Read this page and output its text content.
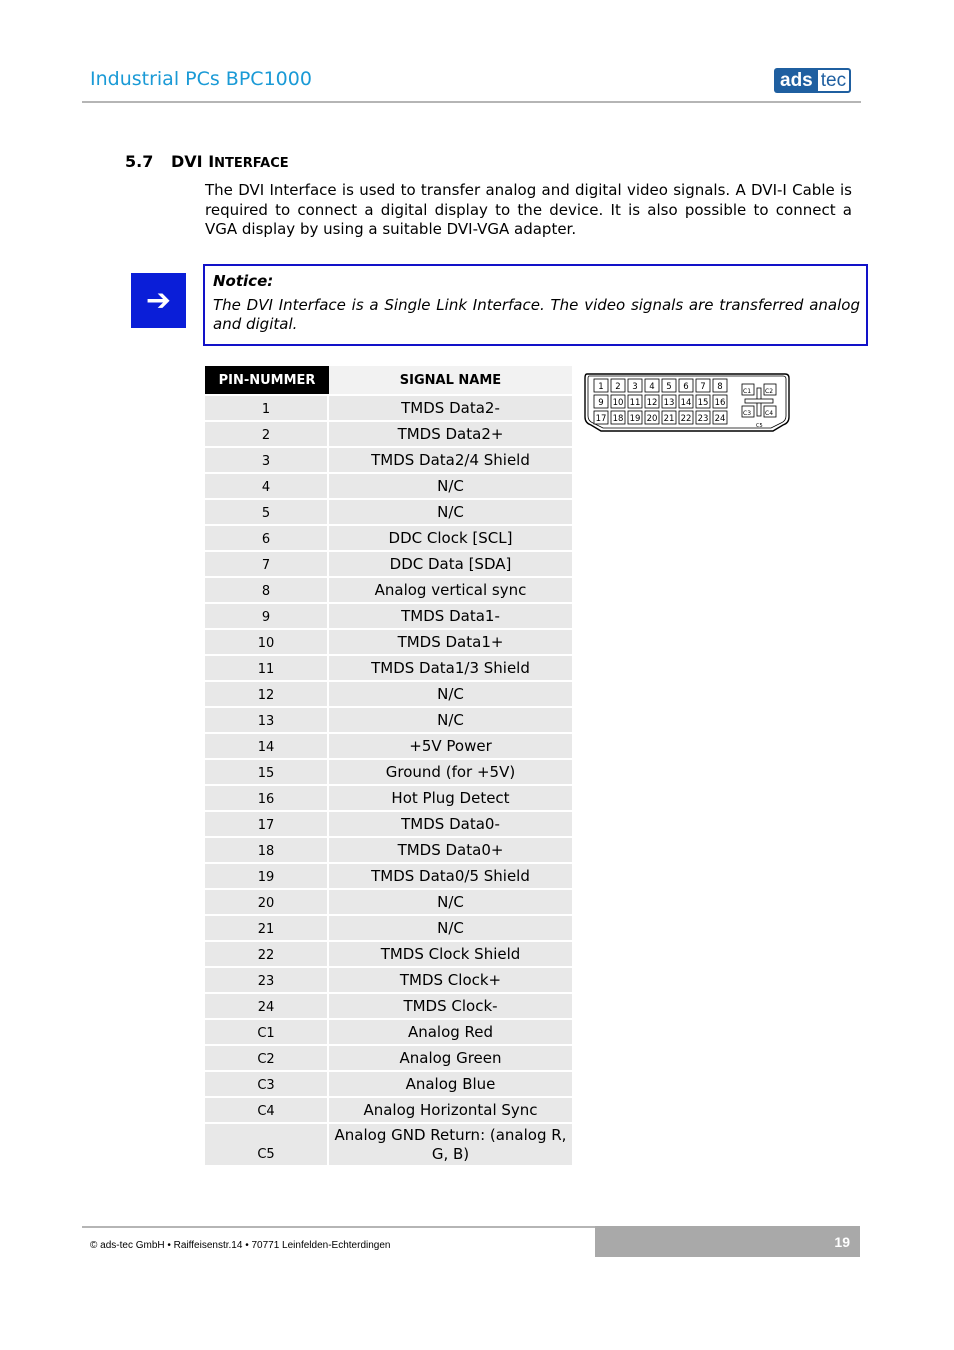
Industrial PCs BPC1000	ads tec
5.7 DVI INTERFACE
The DVI Interface is used to transfer analog and digital video signals. A DVI-I Cable is required to connect a digital display to the device. It is also possible to connect a VGA display by using a suitable DVI-VGA adapter.
➔
Notice:
The DVI Interface is a Single Link Interface. The video signals are transferred analog and digital.
PIN-NUMMER	SIGNAL NAME
1	TMDS Data2-
2	TMDS Data2+
3	TMDS Data2/4 Shield
4	N/C
5	N/C
6	DDC Clock [SCL]
7	DDC Data [SDA]
8	Analog vertical sync
9	TMDS Data1-
10	TMDS Data1+
11	TMDS Data1/3 Shield
12	N/C
13	N/C
14	+5V Power
15	Ground (for +5V)
16	Hot Plug Detect
17	TMDS Data0-
18	TMDS Data0+
19	TMDS Data0/5 Shield
20	N/C
21	N/C
22	TMDS Clock Shield
23	TMDS Clock+
24	TMDS Clock-
C1	Analog Red
C2	Analog Green
C3	Analog Blue
C4	Analog Horizontal Sync
C5	Analog GND Return: (analog R, G, B)
1 2 3 4 5 6 7 8
9 10 11 12 13 14 15 16
17 18 19 20 21 22 23 24
C1 C2
C3 C4
C5
19
© ads-tec GmbH • Raiffeisenstr.14 • 70771 Leinfelden-Echterdingen
